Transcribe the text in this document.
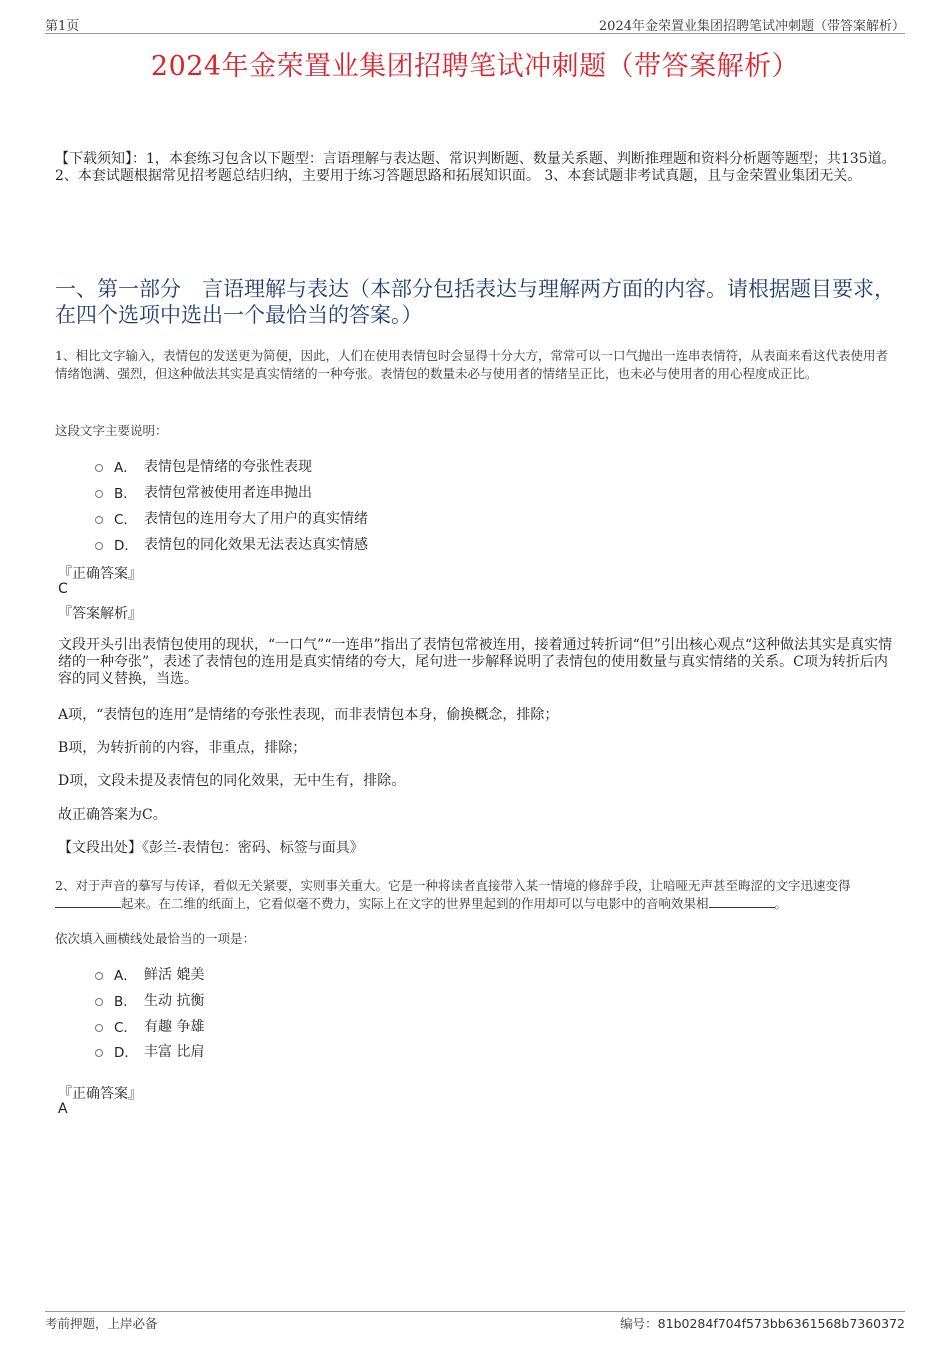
第1页	2024年金荣置业集团招聘笔试冲刺题（带答案解析）
2024年金荣置业集团招聘笔试冲刺题（带答案解析）
【下载须知】：1，本套练习包含以下题型：言语理解与表达题、常识判断题、数量关系题、判断推理题和资料分析题等题型；共135道。 2、本套试题根据常见招考题总结归纳，主要用于练习答题思路和拓展知识面。 3、本套试题非考试真题，且与金荣置业集团无关。
一、第一部分　言语理解与表达（本部分包括表达与理解两方面的内容。请根据题目要求，在四个选项中选出一个最恰当的答案。）
1、相比文字输入，表情包的发送更为简便，因此，人们在使用表情包时会显得十分大方，常常可以一口气抛出一连串表情符，从表面来看这代表使用者情绪饱满、强烈，但这种做法其实是真实情绪的一种夸张。表情包的数量未必与使用者的情绪呈正比，也未必与使用者的用心程度成正比。
这段文字主要说明：
A． 表情包是情绪的夸张性表现
B． 表情包常被使用者连串抛出
C． 表情包的连用夸大了用户的真实情绪
D． 表情包的同化效果无法表达真实情感
『正确答案』
C
『答案解析』
文段开头引出表情包使用的现状，“一口气”“一连串”指出了表情包常被连用，接着通过转折词“但”引出核心观点“这种做法其实是真实情绪的一种夸张”，表述了表情包的连用是真实情绪的夸大，尾句进一步解释说明了表情包的使用数量与真实情绪的关系。C项为转折后内容的同义替换，当选。
A项，“表情包的连用”是情绪的夸张性表现，而非表情包本身，偷换概念，排除；
B项，为转折前的内容，非重点，排除；
D项，文段未提及表情包的同化效果，无中生有，排除。
故正确答案为C。
【文段出处】《彭兰-表情包：密码、标签与面具》
2、对于声音的摹写与传译，看似无关紧要，实则事关重大。它是一种将读者直接带入某一情境的修辞手段，让喑哑无声甚至晦涩的文字迅速变得起来。在二维的纸面上，它看似毫不费力，实际上在文字的世界里起到的作用却可以与电影中的音响效果相	。
依次填入画横线处最恰当的一项是：
A． 鲜活 媲美
B． 生动 抗衡
C． 有趣 争雄
D． 丰富 比肩
『正确答案』
A
考前押题，上岸必备	编号：81b0284f704f573bb6361568b7360372
